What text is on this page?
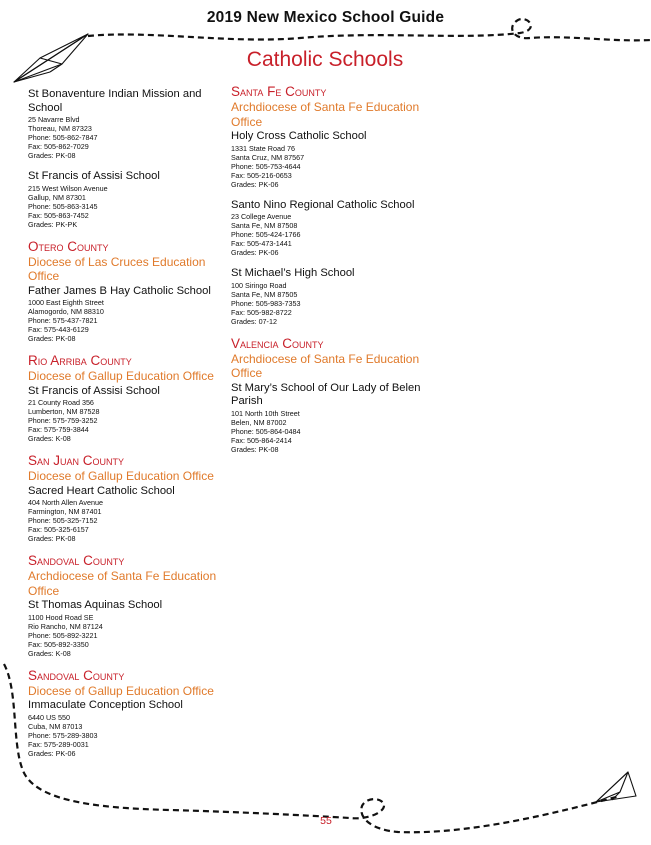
2019 New Mexico School Guide
Catholic Schools
St Bonaventure Indian Mission and School
25 Navarre Blvd
Thoreau, NM 87323
Phone: 505-862-7847
Fax: 505-862-7029
Grades: PK-08
St Francis of Assisi School
215 West Wilson Avenue
Gallup, NM 87301
Phone: 505-863-3145
Fax: 505-863-7452
Grades: PK-PK
Otero County
Diocese of Las Cruces Education Office
Father James B Hay Catholic School
1000 East Eighth Street
Alamogordo, NM 88310
Phone: 575-437-7821
Fax: 575-443-6129
Grades: PK-08
Rio Arriba County
Diocese of Gallup Education Office
St Francis of Assisi School
21 County Road 356
Lumberton, NM 87528
Phone: 575-759-3252
Fax: 575-759-3844
Grades: K-08
San Juan County
Diocese of Gallup Education Office
Sacred Heart Catholic School
404 North Allen Avenue
Farmington, NM 87401
Phone: 505-325-7152
Fax: 505-325-6157
Grades: PK-08
Sandoval County
Archdiocese of Santa Fe Education Office
St Thomas Aquinas School
1100 Hood Road SE
Rio Rancho, NM 87124
Phone: 505-892-3221
Fax: 505-892-3350
Grades: K-08
Sandoval County
Diocese of Gallup Education Office
Immaculate Conception School
6440 US 550
Cuba, NM 87013
Phone: 575-289-3803
Fax: 575-289-0031
Grades: PK-06
Santa Fe County
Archdiocese of Santa Fe Education Office
Holy Cross Catholic School
1331 State Road 76
Santa Cruz, NM 87567
Phone: 505-753-4644
Fax: 505-216-0653
Grades: PK-06
Santo Nino Regional Catholic School
23 College Avenue
Santa Fe, NM 87508
Phone: 505-424-1766
Fax: 505-473-1441
Grades: PK-06
St Michael’s High School
100 Siringo Road
Santa Fe, NM 87505
Phone: 505-983-7353
Fax: 505-982-8722
Grades: 07-12
Valencia County
Archdiocese of Santa Fe Education Office
St Mary’s School of Our Lady of Belen Parish
101 North 10th Street
Belen, NM 87002
Phone: 505-864-0484
Fax: 505-864-2414
Grades: PK-08
55
